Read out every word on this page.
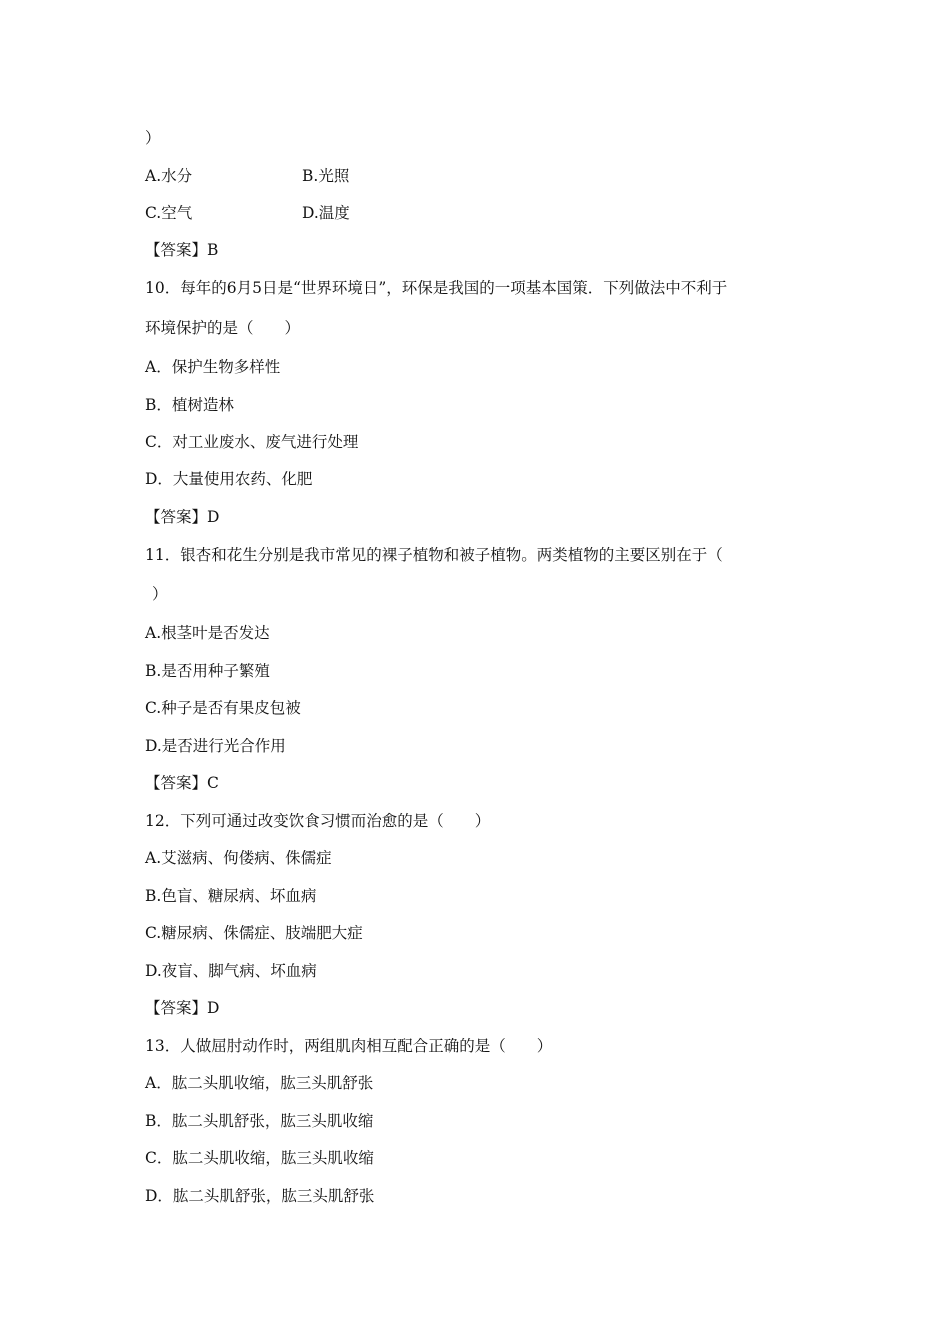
）
A.水分	B.光照
C.空气	D.温度
【答案】B
10．每年的6月5日是“世界环境日”，环保是我国的一项基本国策．下列做法中不利于
环境保护的是（　　）
A．保护生物多样性
B．植树造林
C．对工业废水、废气进行处理
D．大量使用农药、化肥
【答案】D
11．银杏和花生分别是我市常见的裸子植物和被子植物。两类植物的主要区别在于（
）
A.根茎叶是否发达
B.是否用种子繁殖
C.种子是否有果皮包被
D.是否进行光合作用
【答案】C
12．下列可通过改变饮食习惯而治愈的是（　　）
A.艾滋病、佝偻病、侏儒症
B.色盲、糖尿病、坏血病
C.糖尿病、侏儒症、肢端肥大症
D.夜盲、脚气病、坏血病
【答案】D
13．人做屈肘动作时，两组肌肉相互配合正确的是（　　）
A．肱二头肌收缩，肱三头肌舒张
B．肱二头肌舒张，肱三头肌收缩
C．肱二头肌收缩，肱三头肌收缩
D．肱二头肌舒张，肱三头肌舒张
